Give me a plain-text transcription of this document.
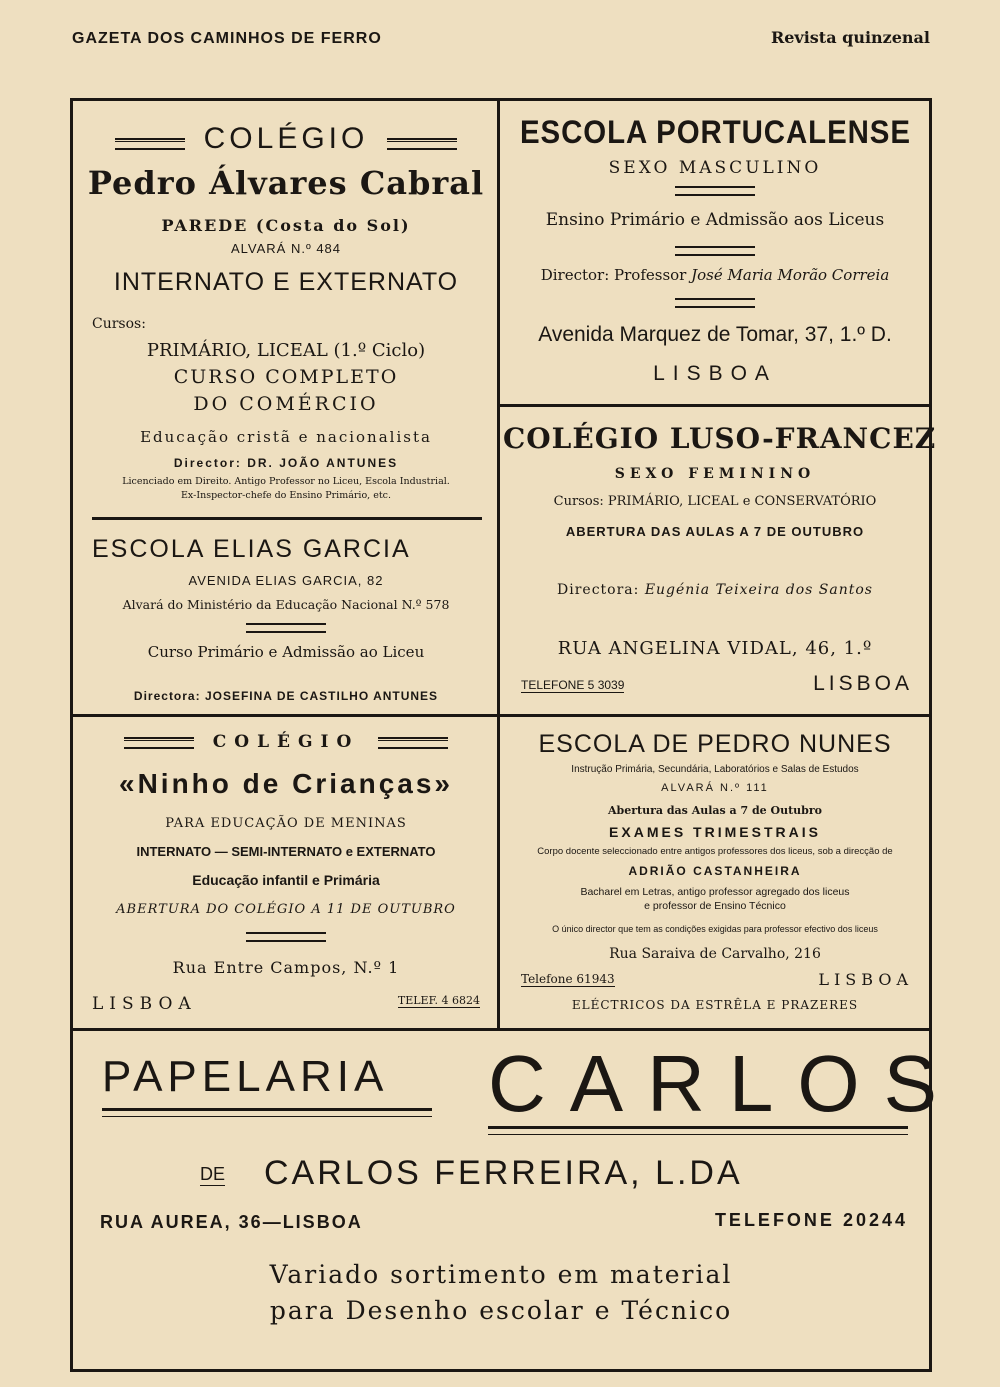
GAZETA DOS CAMINHOS DE FERRO	Revista quinzenal
COLÉGIO
Pedro Álvares Cabral
PAREDE (Costa do Sol)
ALVARÁ N.º 484
INTERNATO E EXTERNATO
Cursos:
PRIMÁRIO, LICEAL (1.º Ciclo)
CURSO COMPLETO
DO COMÉRCIO
Educação cristã e nacionalista
Director: DR. JOÃO ANTUNES
Licenciado em Direito. Antigo Professor no Liceu, Escola Industrial.
Ex-Inspector-chefe do Ensino Primário, etc.
ESCOLA PORTUCALENSE
SEXO MASCULINO
Ensino Primário e Admissão aos Liceus
Director: Professor José Maria Morão Correia
Avenida Marquez de Tomar, 37, 1.º D.
LISBOA
ESCOLA ELIAS GARCIA
AVENIDA ELIAS GARCIA, 82
Alvará do Ministério da Educação Nacional N.º 578
Curso Primário e Admissão ao Liceu
Directora: JOSEFINA DE CASTILHO ANTUNES
COLÉGIO LUSO-FRANCEZ
SEXO FEMININO
Cursos: PRIMÁRIO, LICEAL e CONSERVATÓRIO
ABERTURA DAS AULAS A 7 DE OUTUBRO
Directora: Eugénia Teixeira dos Santos
RUA ANGELINA VIDAL, 46, 1.º
TELEFONE 5 3039	LISBOA
COLÉGIO
«Ninho de Crianças»
PARA EDUCAÇÃO DE MENINAS
INTERNATO — SEMI-INTERNATO e EXTERNATO
Educação infantil e Primária
ABERTURA DO COLÉGIO A 11 DE OUTUBRO
Rua Entre Campos, N.º 1
LISBOA	TELEF. 4 6824
ESCOLA DE PEDRO NUNES
Instrução Primária, Secundária, Laboratórios e Salas de Estudos
ALVARÁ N.º 111
Abertura das Aulas a 7 de Outubro
EXAMES TRIMESTRAIS
Corpo docente seleccionado entre antigos professores dos liceus, sob a direcção de
ADRIÃO CASTANHEIRA
Bacharel em Letras, antigo professor agregado dos liceus
e professor de Ensino Técnico
O único director que tem as condições exigidas para professor efectivo dos liceus
Rua Saraiva de Carvalho, 216
Telefone 61943	LISBOA
ELÉCTRICOS DA ESTRÊLA E PRAZERES
PAPELARIA CARLOS
DE CARLOS FERREIRA, L.DA
RUA AUREA, 36—LISBOA	TELEFONE 20244
Variado sortimento em material
para Desenho escolar e Técnico
